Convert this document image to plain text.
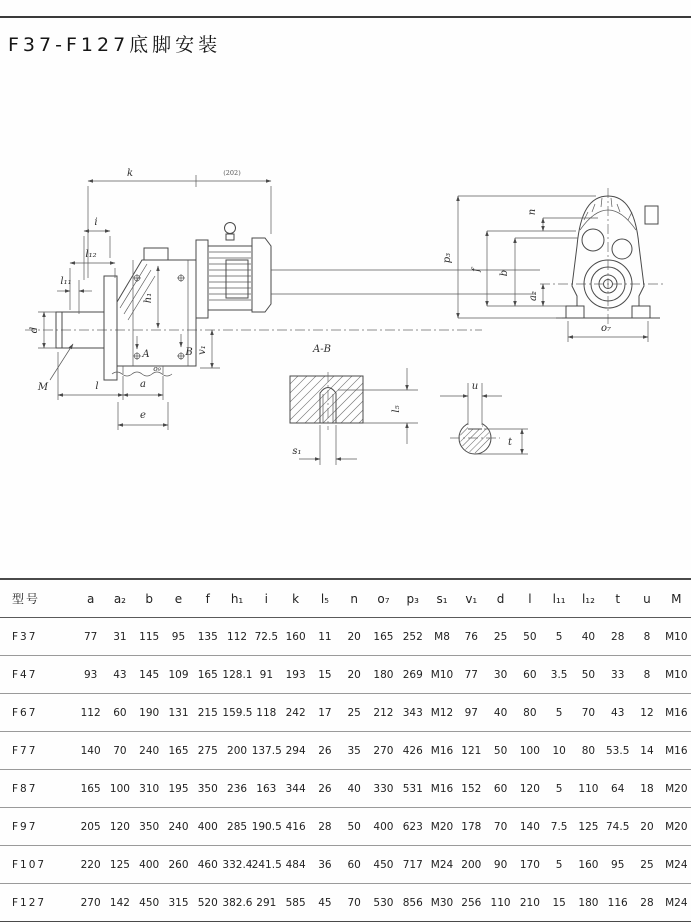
F37-F127底脚安装
k	(202)
i
l₁₂
l₁₁
d
M
h₁
v₁
A	B
o₉
l	a
e
p₃
f b
a₂
n
o₇
A-B
l₅
s₁
u
t
型号	a	a₂	b	e	f	h₁	i	k	l₅	n	o₇	p₃	s₁	v₁	d	l	l₁₁	l₁₂	t	u	M
F37	77	31	115	95	135	112	72.5	160	11	20	165	252	M8	76	25	50	5	40	28	8	M10
F47	93	43	145	109	165	128.1	91	193	15	20	180	269	M10	77	30	60	3.5	50	33	8	M10
F67	112	60	190	131	215	159.5	118	242	17	25	212	343	M12	97	40	80	5	70	43	12	M16
F77	140	70	240	165	275	200	137.5	294	26	35	270	426	M16	121	50	100	10	80	53.5	14	M16
F87	165	100	310	195	350	236	163	344	26	40	330	531	M16	152	60	120	5	110	64	18	M20
F97	205	120	350	240	400	285	190.5	416	28	50	400	623	M20	178	70	140	7.5	125	74.5	20	M20
F107	220	125	400	260	460	332.4	241.5	484	36	60	450	717	M24	200	90	170	5	160	95	25	M24
F127	270	142	450	315	520	382.6	291	585	45	70	530	856	M30	256	110	210	15	180	116	28	M24
